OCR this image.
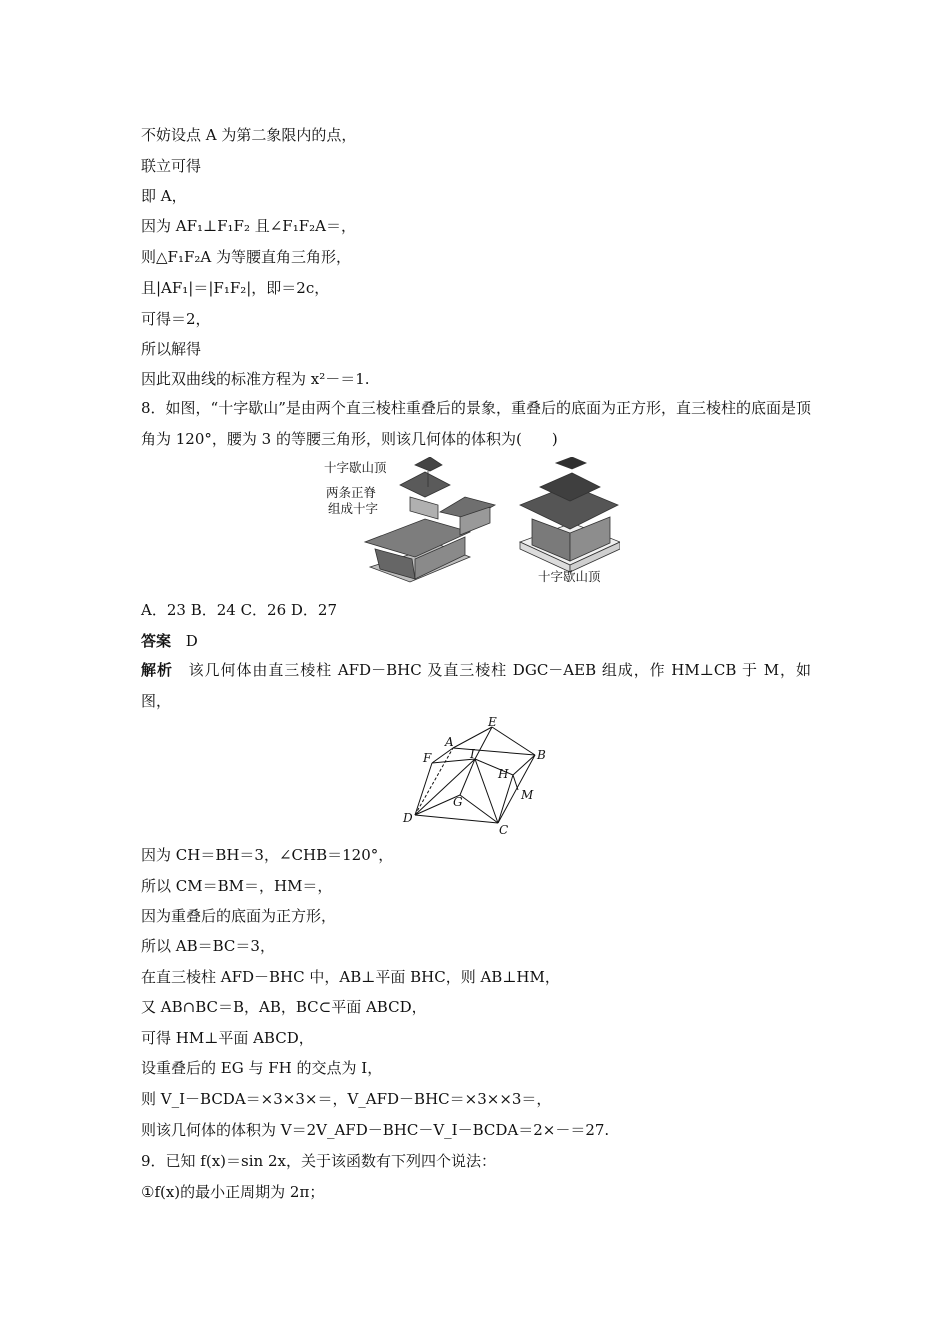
不妨设点 A 为第二象限内的点，
联立可得
即 A，
因为 AF₁⊥F₁F₂ 且∠F₁F₂A＝，
则△F₁F₂A 为等腰直角三角形，
且|AF₁|＝|F₁F₂|，即＝2c，
可得＝2，
所以解得
因此双曲线的标准方程为 x²－＝1.
8．如图，“十字歇山”是由两个直三棱柱重叠后的景象，重叠后的底面为正方形，直三棱柱的底面是顶角为 120°，腰为 3 的等腰三角形，则该几何体的体积为(　　)
十字歇山顶
两条正脊
组成十字
十字歇山顶
A．23 B．24 C．26 D．27
答案 D
解析 该几何体由直三棱柱 AFD－BHC 及直三棱柱 DGC－AEB 组成，作 HM⊥CB 于 M，如图，
E
A
F	I	B
H
G	M
D
C
因为 CH＝BH＝3，∠CHB＝120°，
所以 CM＝BM＝，HM＝，
因为重叠后的底面为正方形，
所以 AB＝BC＝3，
在直三棱柱 AFD－BHC 中，AB⊥平面 BHC，则 AB⊥HM，
又 AB∩BC＝B，AB，BC⊂平面 ABCD，
可得 HM⊥平面 ABCD，
设重叠后的 EG 与 FH 的交点为 I，
则 V_I－BCDA＝×3×3×＝，V_AFD－BHC＝×3××3＝，
则该几何体的体积为 V＝2V_AFD－BHC－V_I－BCDA＝2×－＝27.
9．已知 f(x)＝sin 2x，关于该函数有下列四个说法：
①f(x)的最小正周期为 2π；
